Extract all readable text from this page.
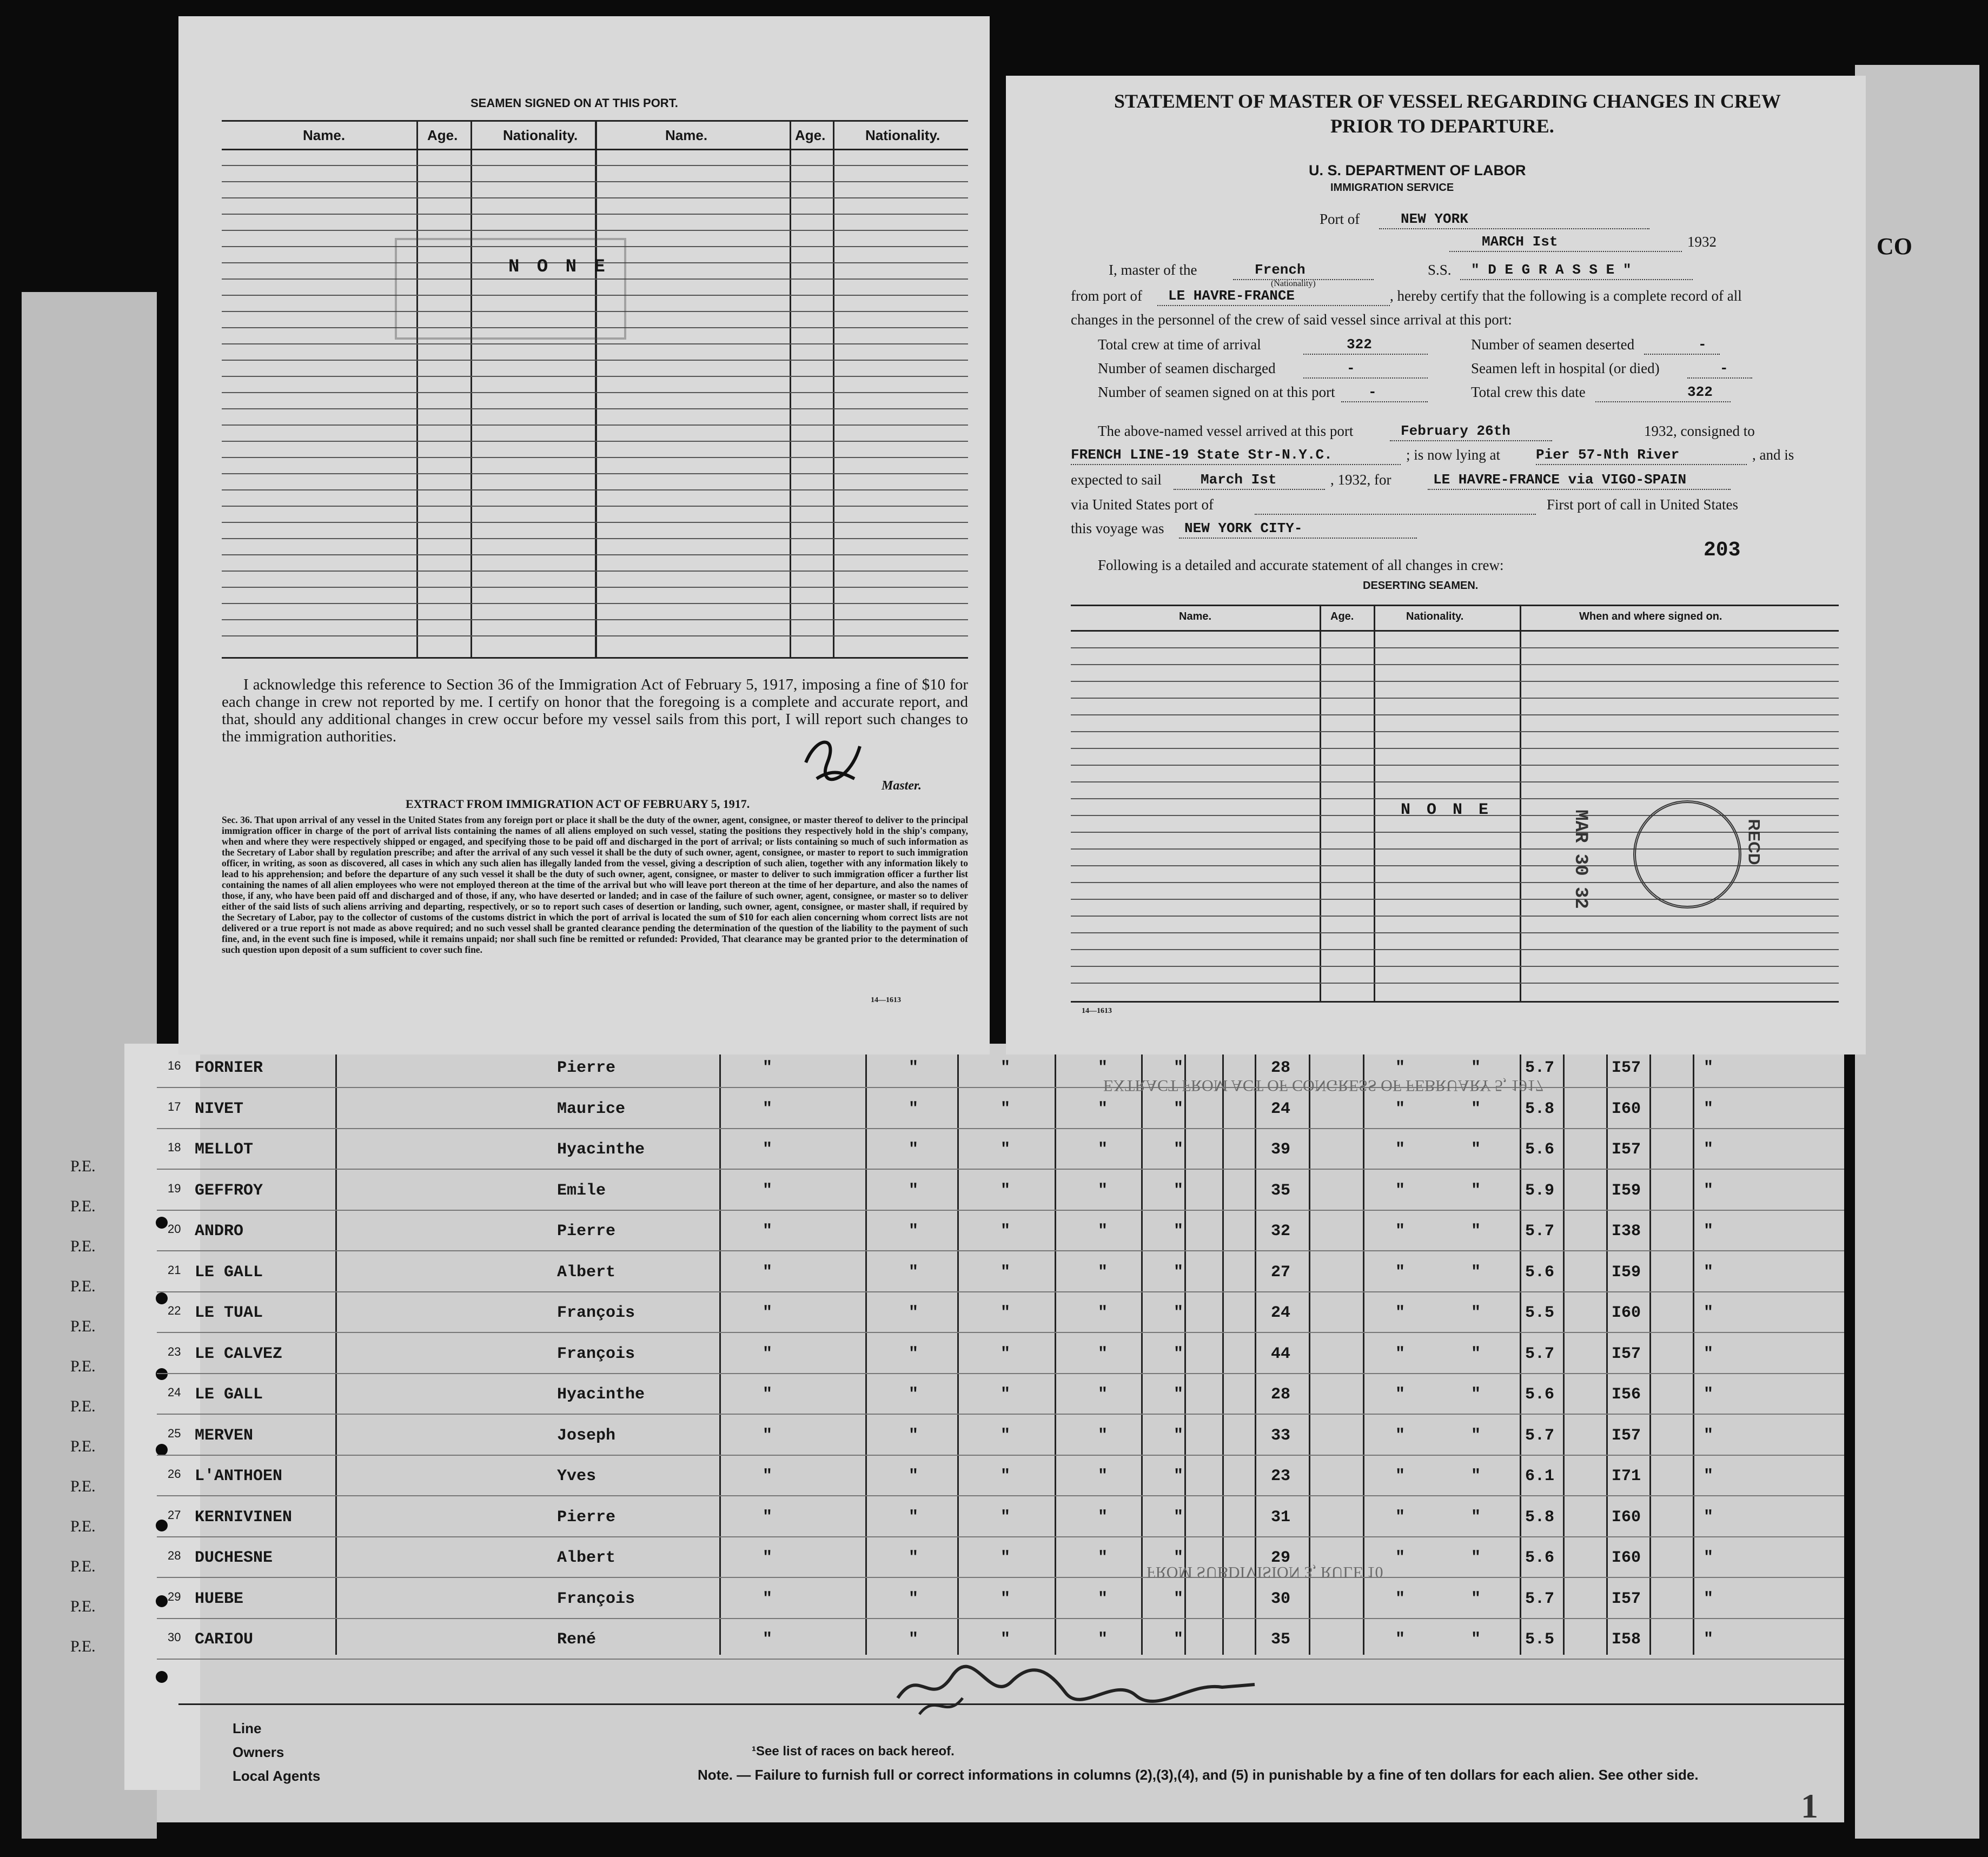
CO
P.E.
P.E.
P.E.
P.E.
P.E.
P.E.
P.E.
P.E.
P.E.
P.E.
P.E.
P.E.
P.E.
16 FORNIER	Pierre	"	"	"	"	"	28	"	"	5.7	I57	"
17 NIVET	Maurice	"	"	"	"	"	24	"	"	5.8	I60	"
18 MELLOT	Hyacinthe	"	"	"	"	"	39	"	"	5.6	I57	"
19 GEFFROY	Emile	"	"	"	"	"	35	"	"	5.9	I59	"
20 ANDRO	Pierre	"	"	"	"	"	32	"	"	5.7	I38	"
21 LE GALL	Albert	"	"	"	"	"	27	"	"	5.6	I59	"
22 LE TUAL	François	"	"	"	"	"	24	"	"	5.5	I60	"
23 LE CALVEZ	François	"	"	"	"	"	44	"	"	5.7	I57	"
24 LE GALL	Hyacinthe	"	"	"	"	"	28	"	"	5.6	I56	"
25 MERVEN	Joseph	"	"	"	"	"	33	"	"	5.7	I57	"
26 L'ANTHOEN	Yves	"	"	"	"	"	23	"	"	6.1	I71	"
27 KERNIVINEN	Pierre	"	"	"	"	"	31	"	"	5.8	I60	"
28 DUCHESNE	Albert	"	"	"	"	"	29	"	"	5.6	I60	"
29 HUEBE	François	"	"	"	"	"	30	"	"	5.7	I57	"
30 CARIOU	René	"	"	"	"	"	35	"	"	5.5	I58	"
EXTRACT FROM ACT OF CONGRESS OF FEBRUARY 5, 1917
FROM SUBDIVISION 3, RULE 10
Line
Owners
Local Agents
¹See list of races on back hereof.
Note. — Failure to furnish full or correct informations in columns (2),(3),(4), and (5) in punishable by a fine of ten dollars for each alien. See other side.
1
SEAMEN SIGNED ON AT THIS PORT.
Name.	Age.	Nationality.	Name.	Age.	Nationality.
N O N E
I acknowledge this reference to Section 36 of the Immigration Act of February 5, 1917, imposing a fine of $10 for each change in crew not reported by me. I certify on honor that the foregoing is a complete and accurate report, and that, should any additional changes in crew occur before my vessel sails from this port, I will report such changes to the immigration authorities.
Master.
EXTRACT FROM IMMIGRATION ACT OF FEBRUARY 5, 1917.
Sec. 36. That upon arrival of any vessel in the United States from any foreign port or place it shall be the duty of the owner, agent, consignee, or master thereof to deliver to the principal immigration officer in charge of the port of arrival lists containing the names of all aliens employed on such vessel, stating the positions they respectively hold in the ship's company, when and where they were respectively shipped or engaged, and specifying those to be paid off and discharged in the port of arrival; or lists containing so much of such information as the Secretary of Labor shall by regulation prescribe; and after the arrival of any such vessel it shall be the duty of such owner, agent, consignee, or master to report to such immigration officer, in writing, as soon as discovered, all cases in which any such alien has illegally landed from the vessel, giving a description of such alien, together with any information likely to lead to his apprehension; and before the departure of any such vessel it shall be the duty of such owner, agent, consignee, or master to deliver to such immigration officer a further list containing the names of all alien employees who were not employed thereon at the time of the arrival but who will leave port thereon at the time of her departure, and also the names of those, if any, who have been paid off and discharged and of those, if any, who have deserted or landed; and in case of the failure of such owner, agent, consignee, or master so to deliver either of the said lists of such aliens arriving and departing, respectively, or so to report such cases of desertion or landing, such owner, agent, consignee, or master shall, if required by the Secretary of Labor, pay to the collector of customs of the customs district in which the port of arrival is located the sum of $10 for each alien concerning whom correct lists are not delivered or a true report is not made as above required; and no such vessel shall be granted clearance pending the determination of the question of the liability to the payment of such fine, and, in the event such fine is imposed, while it remains unpaid; nor shall such fine be remitted or refunded: Provided, That clearance may be granted prior to the determination of such question upon deposit of a sum sufficient to cover such fine.
14—1613
STATEMENT OF MASTER OF VESSEL REGARDING CHANGES IN CREW
PRIOR TO DEPARTURE.
U. S. DEPARTMENT OF LABOR
IMMIGRATION SERVICE
Port of	NEW YORK
MARCH Ist	1932
I, master of the	French
(Nationality)
S.S. " D E G R A S S E "
from port of LE HAVRE-FRANCE	, hereby certify that the following is a complete record of all
changes in the personnel of the crew of said vessel since arrival at this port:
Total crew at time of arrival	322	Number of seamen deserted	-
Number of seamen discharged	-	Seamen left in hospital (or died)	-
Number of seamen signed on at this port -	Total crew this date	322
The above-named vessel arrived at this port	February 26th	1932, consigned to
FRENCH LINE-19 State Str-N.Y.C.	; is now lying at	Pier 57-Nth River	, and is
expected to sail	March Ist	, 1932, for	LE HAVRE-FRANCE via VIGO-SPAIN
via United States port of	First port of call in United States
this voyage was NEW YORK CITY-
203
Following is a detailed and accurate statement of all changes in crew:
DESERTING SEAMEN.
Name.	Age.	Nationality.	When and where signed on.
N O N E	MAR 30 32	RECD
14—1613
